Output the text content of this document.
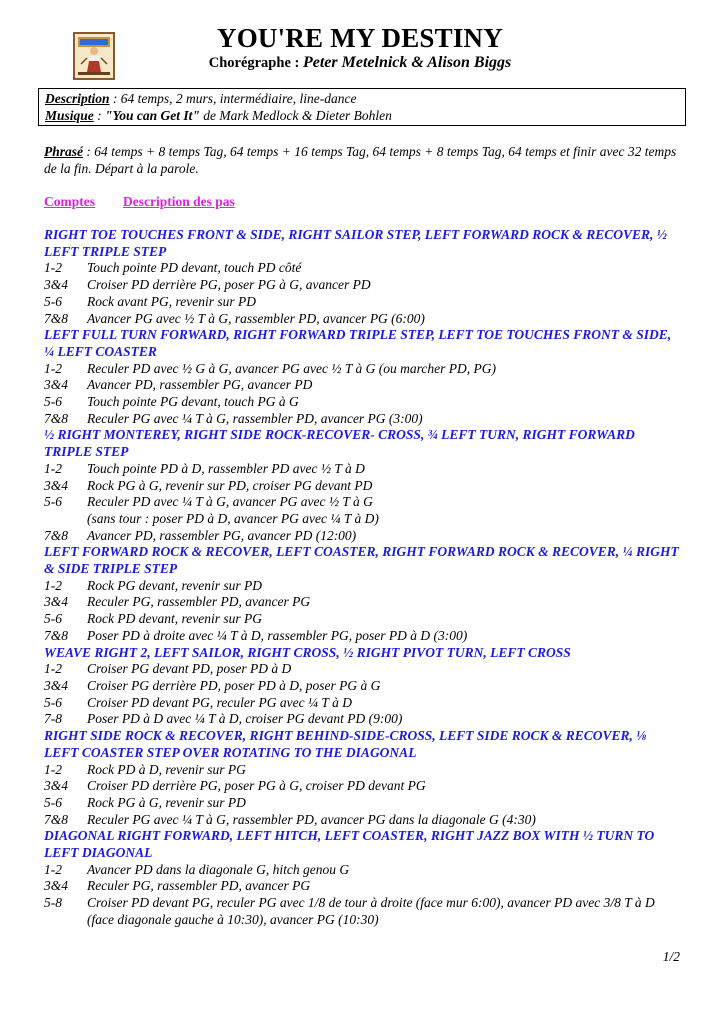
YOU'RE MY DESTINY
Chorégraphe : Peter Metelnick & Alison Biggs
Description : 64 temps, 2 murs, intermédiaire, line-dance
Musique : "You can Get It" de Mark Medlock & Dieter Bohlen
Phrasé : 64 temps + 8 temps Tag, 64 temps + 16 temps Tag, 64 temps + 8 temps Tag, 64 temps et finir avec 32 temps de la fin. Départ à la parole.
Comptes Description des pas
RIGHT TOE TOUCHES FRONT & SIDE, RIGHT SAILOR STEP, LEFT FORWARD ROCK & RECOVER, ½ LEFT TRIPLE STEP
1-2	Touch pointe PD devant, touch PD côté
3&4	Croiser PD derrière PG, poser PG à G, avancer PD
5-6	Rock avant PG, revenir sur PD
7&8	Avancer PG avec ½ T à G, rassembler PD, avancer PG (6:00)
LEFT FULL TURN FORWARD, RIGHT FORWARD TRIPLE STEP, LEFT TOE TOUCHES FRONT & SIDE, ¼ LEFT COASTER
1-2	Reculer PD avec ½ G à G, avancer PG avec ½ T à G (ou marcher PD, PG)
3&4	Avancer PD, rassembler PG, avancer PD
5-6	Touch pointe PG devant, touch PG à G
7&8	Reculer PG avec ¼ T à G, rassembler PD, avancer PG (3:00)
½ RIGHT MONTEREY, RIGHT SIDE ROCK-RECOVER- CROSS, ¾ LEFT TURN, RIGHT FORWARD TRIPLE STEP
1-2	Touch pointe PD à D, rassembler PD avec ½ T à D
3&4	Rock PG à G, revenir sur PD, croiser PG devant PD
5-6	Reculer PD avec ¼ T à G, avancer PG avec ½ T à G
(sans tour : poser PD à D, avancer PG avec ¼ T à D)
7&8	Avancer PD, rassembler PG, avancer PD (12:00)
LEFT FORWARD ROCK & RECOVER, LEFT COASTER, RIGHT FORWARD ROCK & RECOVER, ¼ RIGHT & SIDE TRIPLE STEP
1-2	Rock PG devant, revenir sur PD
3&4	Reculer PG, rassembler PD, avancer PG
5-6	Rock PD devant, revenir sur PG
7&8	Poser PD à droite avec ¼ T à D, rassembler PG, poser PD à D (3:00)
WEAVE RIGHT 2, LEFT SAILOR, RIGHT CROSS, ½ RIGHT PIVOT TURN, LEFT CROSS
1-2	Croiser PG devant PD, poser PD à D
3&4	Croiser PG derrière PD, poser PD à D, poser PG à G
5-6	Croiser PD devant PG, reculer PG avec ¼ T à D
7-8	Poser PD à D avec ¼ T à D, croiser PG devant PD (9:00)
RIGHT SIDE ROCK & RECOVER, RIGHT BEHIND-SIDE-CROSS, LEFT SIDE ROCK & RECOVER, ⅛ LEFT COASTER STEP OVER ROTATING TO THE DIAGONAL
1-2	Rock PD à D, revenir sur PG
3&4	Croiser PD derrière PG, poser PG à G, croiser PD devant PG
5-6	Rock PG à G, revenir sur PD
7&8	Reculer PG avec ¼ T à G, rassembler PD, avancer PG dans la diagonale G (4:30)
DIAGONAL RIGHT FORWARD, LEFT HITCH, LEFT COASTER, RIGHT JAZZ BOX WITH ½ TURN TO LEFT DIAGONAL
1-2	Avancer PD dans la diagonale G, hitch genou G
3&4	Reculer PG, rassembler PD, avancer PG
5-8	Croiser PD devant PG, reculer PG avec 1/8 de tour à droite (face mur 6:00), avancer PD avec 3/8 T à D (face diagonale gauche à 10:30), avancer PG (10:30)
1/2
